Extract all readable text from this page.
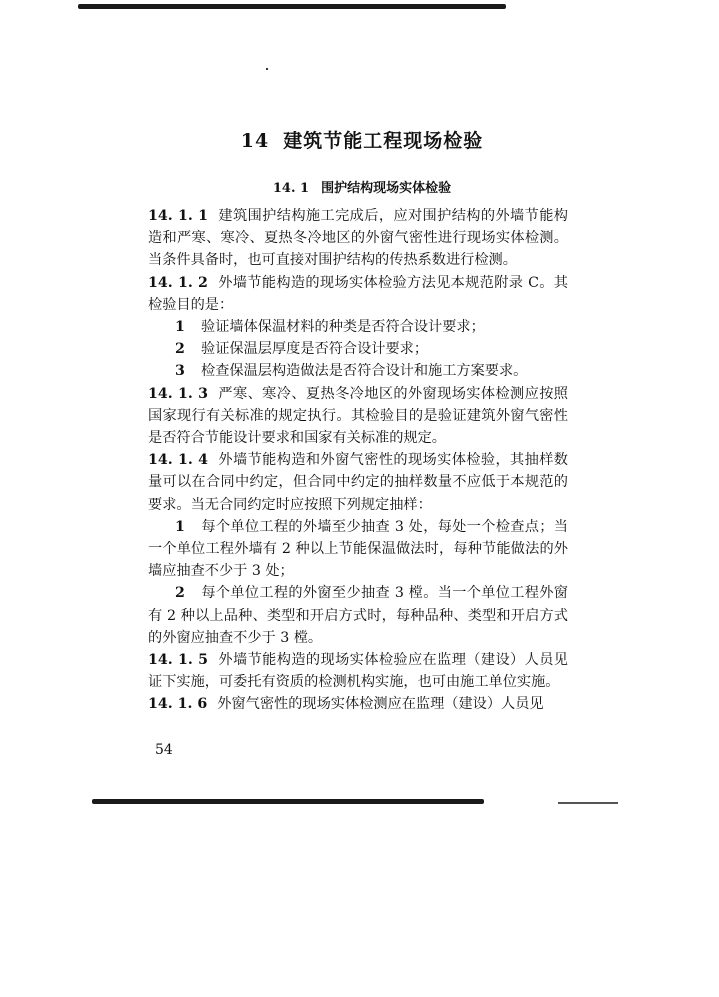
14 建筑节能工程现场检验
14. 1 围护结构现场实体检验

14. 1. 1 建筑围护结构施工完成后，应对围护结构的外墙节能构造和严寒、寒冷、夏热冬冷地区的外窗气密性进行现场实体检测。当条件具备时，也可直接对围护结构的传热系数进行检测。

14. 1. 2 外墙节能构造的现场实体检验方法见本规范附录 C。其检验目的是：

1 验证墙体保温材料的种类是否符合设计要求；

2 验证保温层厚度是否符合设计要求；

3 检查保温层构造做法是否符合设计和施工方案要求。

14. 1. 3 严寒、寒冷、夏热冬冷地区的外窗现场实体检测应按照国家现行有关标准的规定执行。其检验目的是验证建筑外窗气密性是否符合节能设计要求和国家有关标准的规定。

14. 1. 4 外墙节能构造和外窗气密性的现场实体检验，其抽样数量可以在合同中约定，但合同中约定的抽样数量不应低于本规范的要求。当无合同约定时应按照下列规定抽样：

1 每个单位工程的外墙至少抽查 3 处，每处一个检查点；当一个单位工程外墙有 2 种以上节能保温做法时，每种节能做法的外墙应抽查不少于 3 处；

2 每个单位工程的外窗至少抽查 3 樘。当一个单位工程外窗有 2 种以上品种、类型和开启方式时，每种品种、类型和开启方式的外窗应抽查不少于 3 樘。

14. 1. 5 外墙节能构造的现场实体检验应在监理（建设）人员见证下实施，可委托有资质的检测机构实施，也可由施工单位实施。

14. 1. 6 外窗气密性的现场实体检测应在监理（建设）人员见

54
